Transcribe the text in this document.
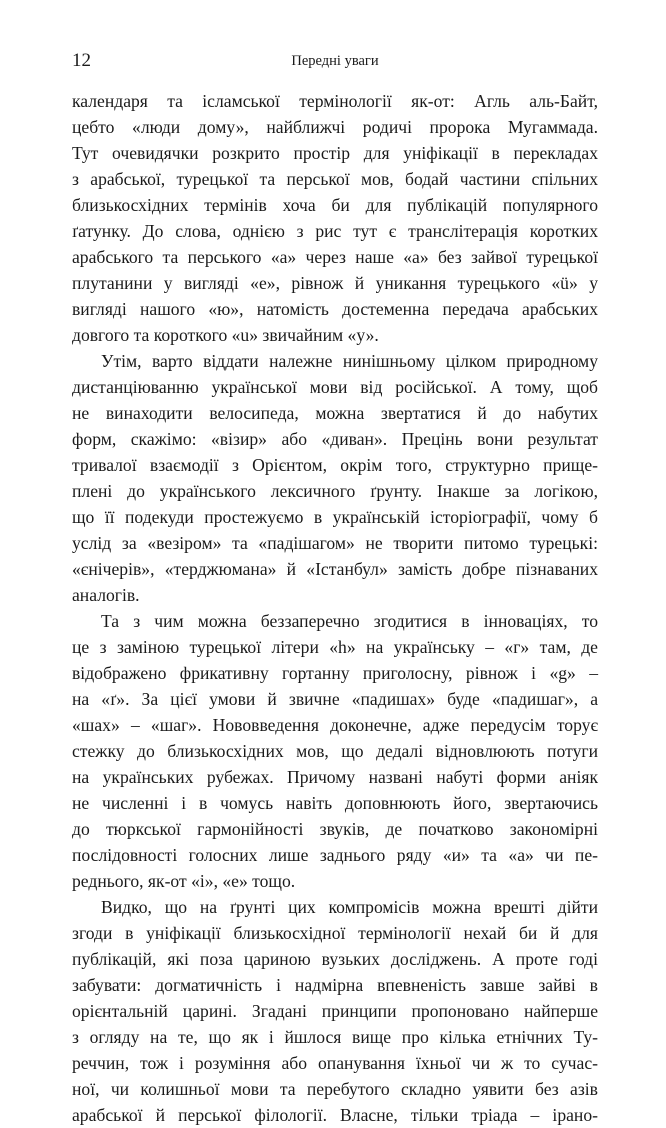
12	Передні уваги
календаря та ісламської термінології як-от: Агль аль-Байт,
цебто «люди дому», найближчі родичі пророка Мугаммада.
Тут очевидячки розкрито простір для уніфікації в перекладах
з арабської, турецької та перської мов, бодай частини спільних
близькосхідних термінів хоча би для публікацій популярного
ґатунку. До слова, однією з рис тут є транслітерація коротких
арабського та перського «а» через наше «а» без зайвої турецької
плутанини у вигляді «е», рівнож й уникання турецького «ü» у
вигляді нашого «ю», натомість достеменна передача арабських
довгого та короткого «u» звичайним «у».
Утім, варто віддати належне нинішньому цілком природному
дистанціюванню української мови від російської. А тому, щоб
не винаходити велосипеда, можна звертатися й до набутих
форм, скажімо: «візир» або «диван». Прецінь вони результат
тривалої взаємодії з Орієнтом, окрім того, структурно прище-
плені до українського лексичного ґрунту. Інакше за логікою,
що її подекуди простежуємо в українській історіографії, чому б
услід за «везіром» та «падішагом» не творити питомо турецькі:
«єнічерів», «терджюмана» й «Істанбул» замість добре пізнаваних
аналогів.
Та з чим можна беззаперечно згодитися в інноваціях, то
це з заміною турецької літери «h» на українську – «г» там, де
відображено фрикативну гортанну приголосну, рівнож і «g» –
на «ґ». За цієї умови й звичне «падишах» буде «падишаг», а
«шах» – «шаг». Нововведення доконечне, адже передусім торує
стежку до близькосхідних мов, що дедалі відновлюють потуги
на українських рубежах. Причому названі набуті форми аніяк
не численні і в чомусь навіть доповнюють його, звертаючись
до тюркської гармонійності звуків, де початково закономірні
послідовності голосних лише заднього ряду «и» та «а» чи пе-
реднього, як-от «і», «е» тощо.
Видко, що на ґрунті цих компромісів можна врешті дійти
згоди в уніфікації близькосхідної термінології нехай би й для
публікацій, які поза цариною вузьких досліджень. А проте годі
забувати: догматичність і надмірна впевненість завше зайві в
орієнтальній царині. Згадані принципи пропоновано найперше
з огляду на те, що як і йшлося вище про кілька етнічних Ту-
реччин, тож і розуміння або опанування їхньої чи ж то сучас-
ної, чи колишньої мови та перебутого складно уявити без азів
арабської й перської філології. Власне, тільки тріада – ірано-
